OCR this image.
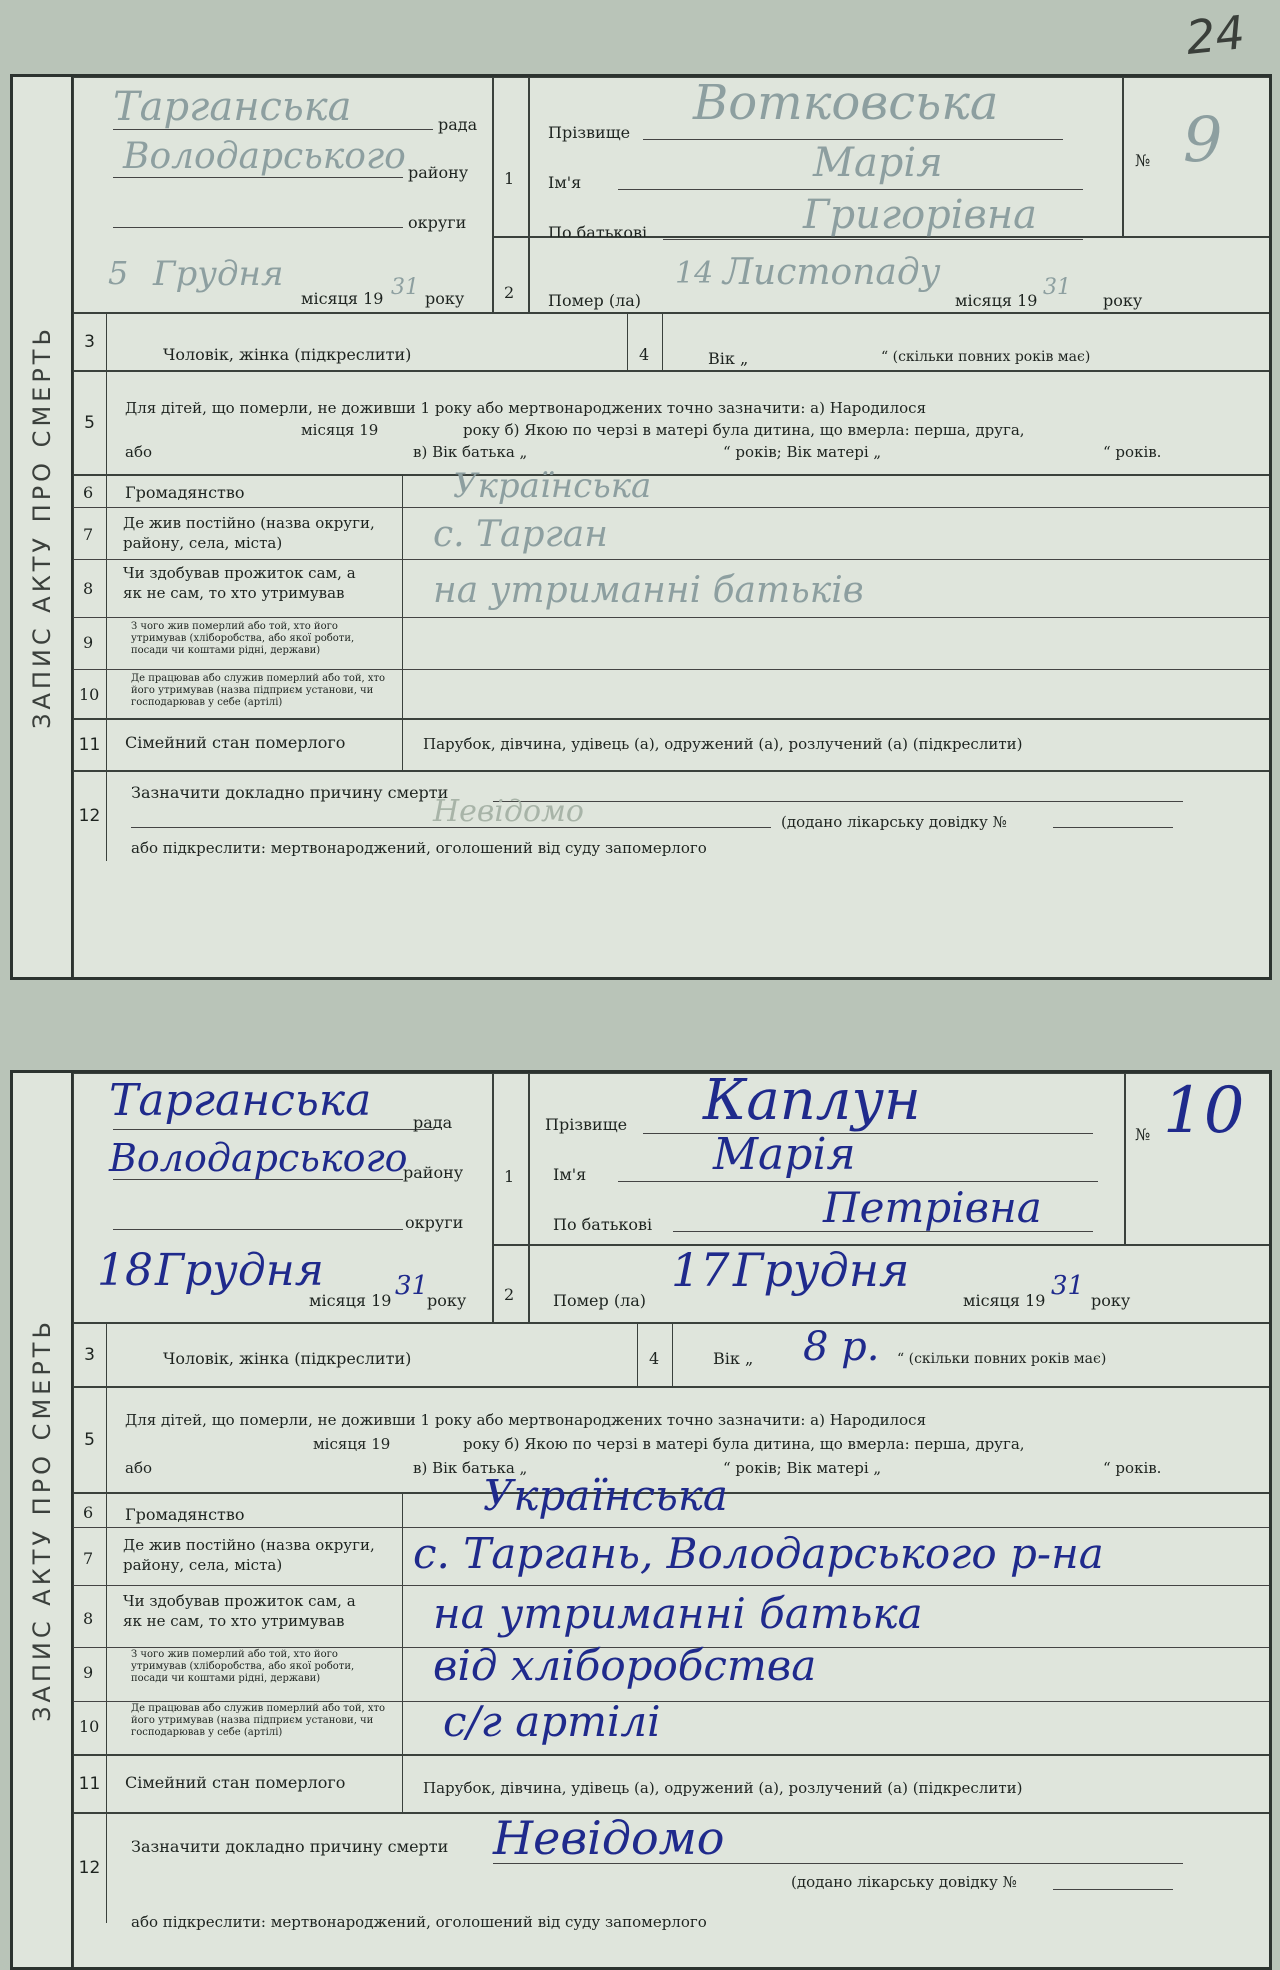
24
ЗАПИС АКТУ ПРО СМЕРТЬ
Тарганська	рада
Володарського району
округи
5 Грудня
місяця 19 31 року
1
2
Прізвище
Вотковська
Ім'я	Марія
По батькові	Григорівна
№ 9
Помер (ла)
14 Листопаду
місяця 19
31
року
3
Чоловік, жінка (підкреслити)	4	Вік „	“ (скільки повних років має)
5
Для дітей, що померли, не доживши 1 року або мертвонароджених точно зазначити: а) Народилося
місяця 19	року б) Якою по черзі в матері була дитина, що вмерла: перша, друга,
або	в) Вік батька „	“ років; Вік матері „	“ років.
6 Громадянство	Українська
7
Де жив постійно (назва округи, району, села, міста)	с. Тарган
8
Чи здобував прожиток сам, а як не сам, то хто утримував	на утриманні батьків
9
З чого жив померлий або той, хто його утримував (хліборобства, або якої роботи, посади чи коштами рідні, держави)
10
Де працював або служив померлий або той, хто його утримував (назва підприєм установи, чи господарював у себе (артілі)
11	Сімейний стан померлого	Парубок, дівчина, удівець (а), одружений (а), розлучений (а) (підкреслити)
12
Зазначити докладно причину смерти
Невідомо	(додано лікарську довідку №
або підкреслити: мертвонароджений, оголошений від суду запомерлого
ЗАПИС АКТУ ПРО СМЕРТЬ
Тарганська	рада
Володарського
району
округи
18 Грудня
місяця 19 31
року
1
2
Прізвище Каплун
Ім'я	Марія
По батькові	Петрівна
№ 10
Помер (ла)
17 Грудня
місяця 19 31 року
3	Чоловік, жінка (підкреслити)	4	Вік „ 8 р. “ (скільки повних років має)
5
Для дітей, що померли, не доживши 1 року або мертвонароджених точно зазначити: а) Народилося
місяця 19	року б) Якою по черзі в матері була дитина, що вмерла: перша, друга,
або	в) Вік батька „	“ років; Вік матері „	“ років.
6 Громадянство	Українська
7
Де жив постійно (назва округи, району, села, міста)	с. Таргань, Володарського р-на
8
Чи здобував прожиток сам, а як не сам, то хто утримував	на утриманні батька
9
З чого жив померлий або той, хто його утримував (хліборобства, або якої роботи, посади чи коштами рідні, держави)	від хліборобства
10
Де працював або служив померлий або той, хто його утримував (назва підприєм установи, чи господарював у себе (артілі)	с/г артілі
11	Сімейний стан померлого	Парубок, дівчина, удівець (а), одружений (а), розлучений (а) (підкреслити)
12
Зазначити докладно причину смерти Невідомо
(додано лікарську довідку №
або підкреслити: мертвонароджений, оголошений від суду запомерлого
